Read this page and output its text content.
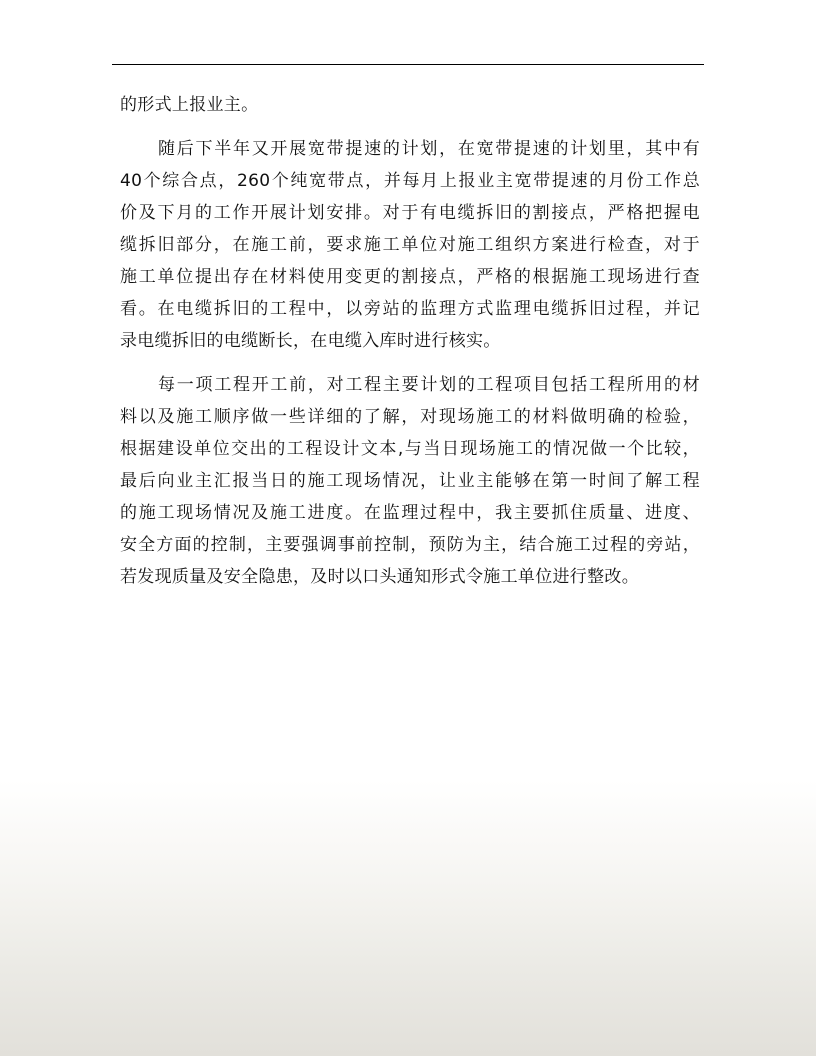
的形式上报业主。
随后下半年又开展宽带提速的计划，在宽带提速的计划里，其中有
40个综合点，260个纯宽带点，并每月上报业主宽带提速的月份工作总
价及下月的工作开展计划安排。对于有电缆拆旧的割接点，严格把握电
缆拆旧部分，在施工前，要求施工单位对施工组织方案进行检查，对于
施工单位提出存在材料使用变更的割接点，严格的根据施工现场进行查
看。在电缆拆旧的工程中，以旁站的监理方式监理电缆拆旧过程，并记
录电缆拆旧的电缆断长，在电缆入库时进行核实。
每一项工程开工前，对工程主要计划的工程项目包括工程所用的材
料以及施工顺序做一些详细的了解，对现场施工的材料做明确的检验，
根据建设单位交出的工程设计文本,与当日现场施工的情况做一个比较，
最后向业主汇报当日的施工现场情况，让业主能够在第一时间了解工程
的施工现场情况及施工进度。在监理过程中，我主要抓住质量、进度、
安全方面的控制，主要强调事前控制，预防为主，结合施工过程的旁站，
若发现质量及安全隐患，及时以口头通知形式令施工单位进行整改。
